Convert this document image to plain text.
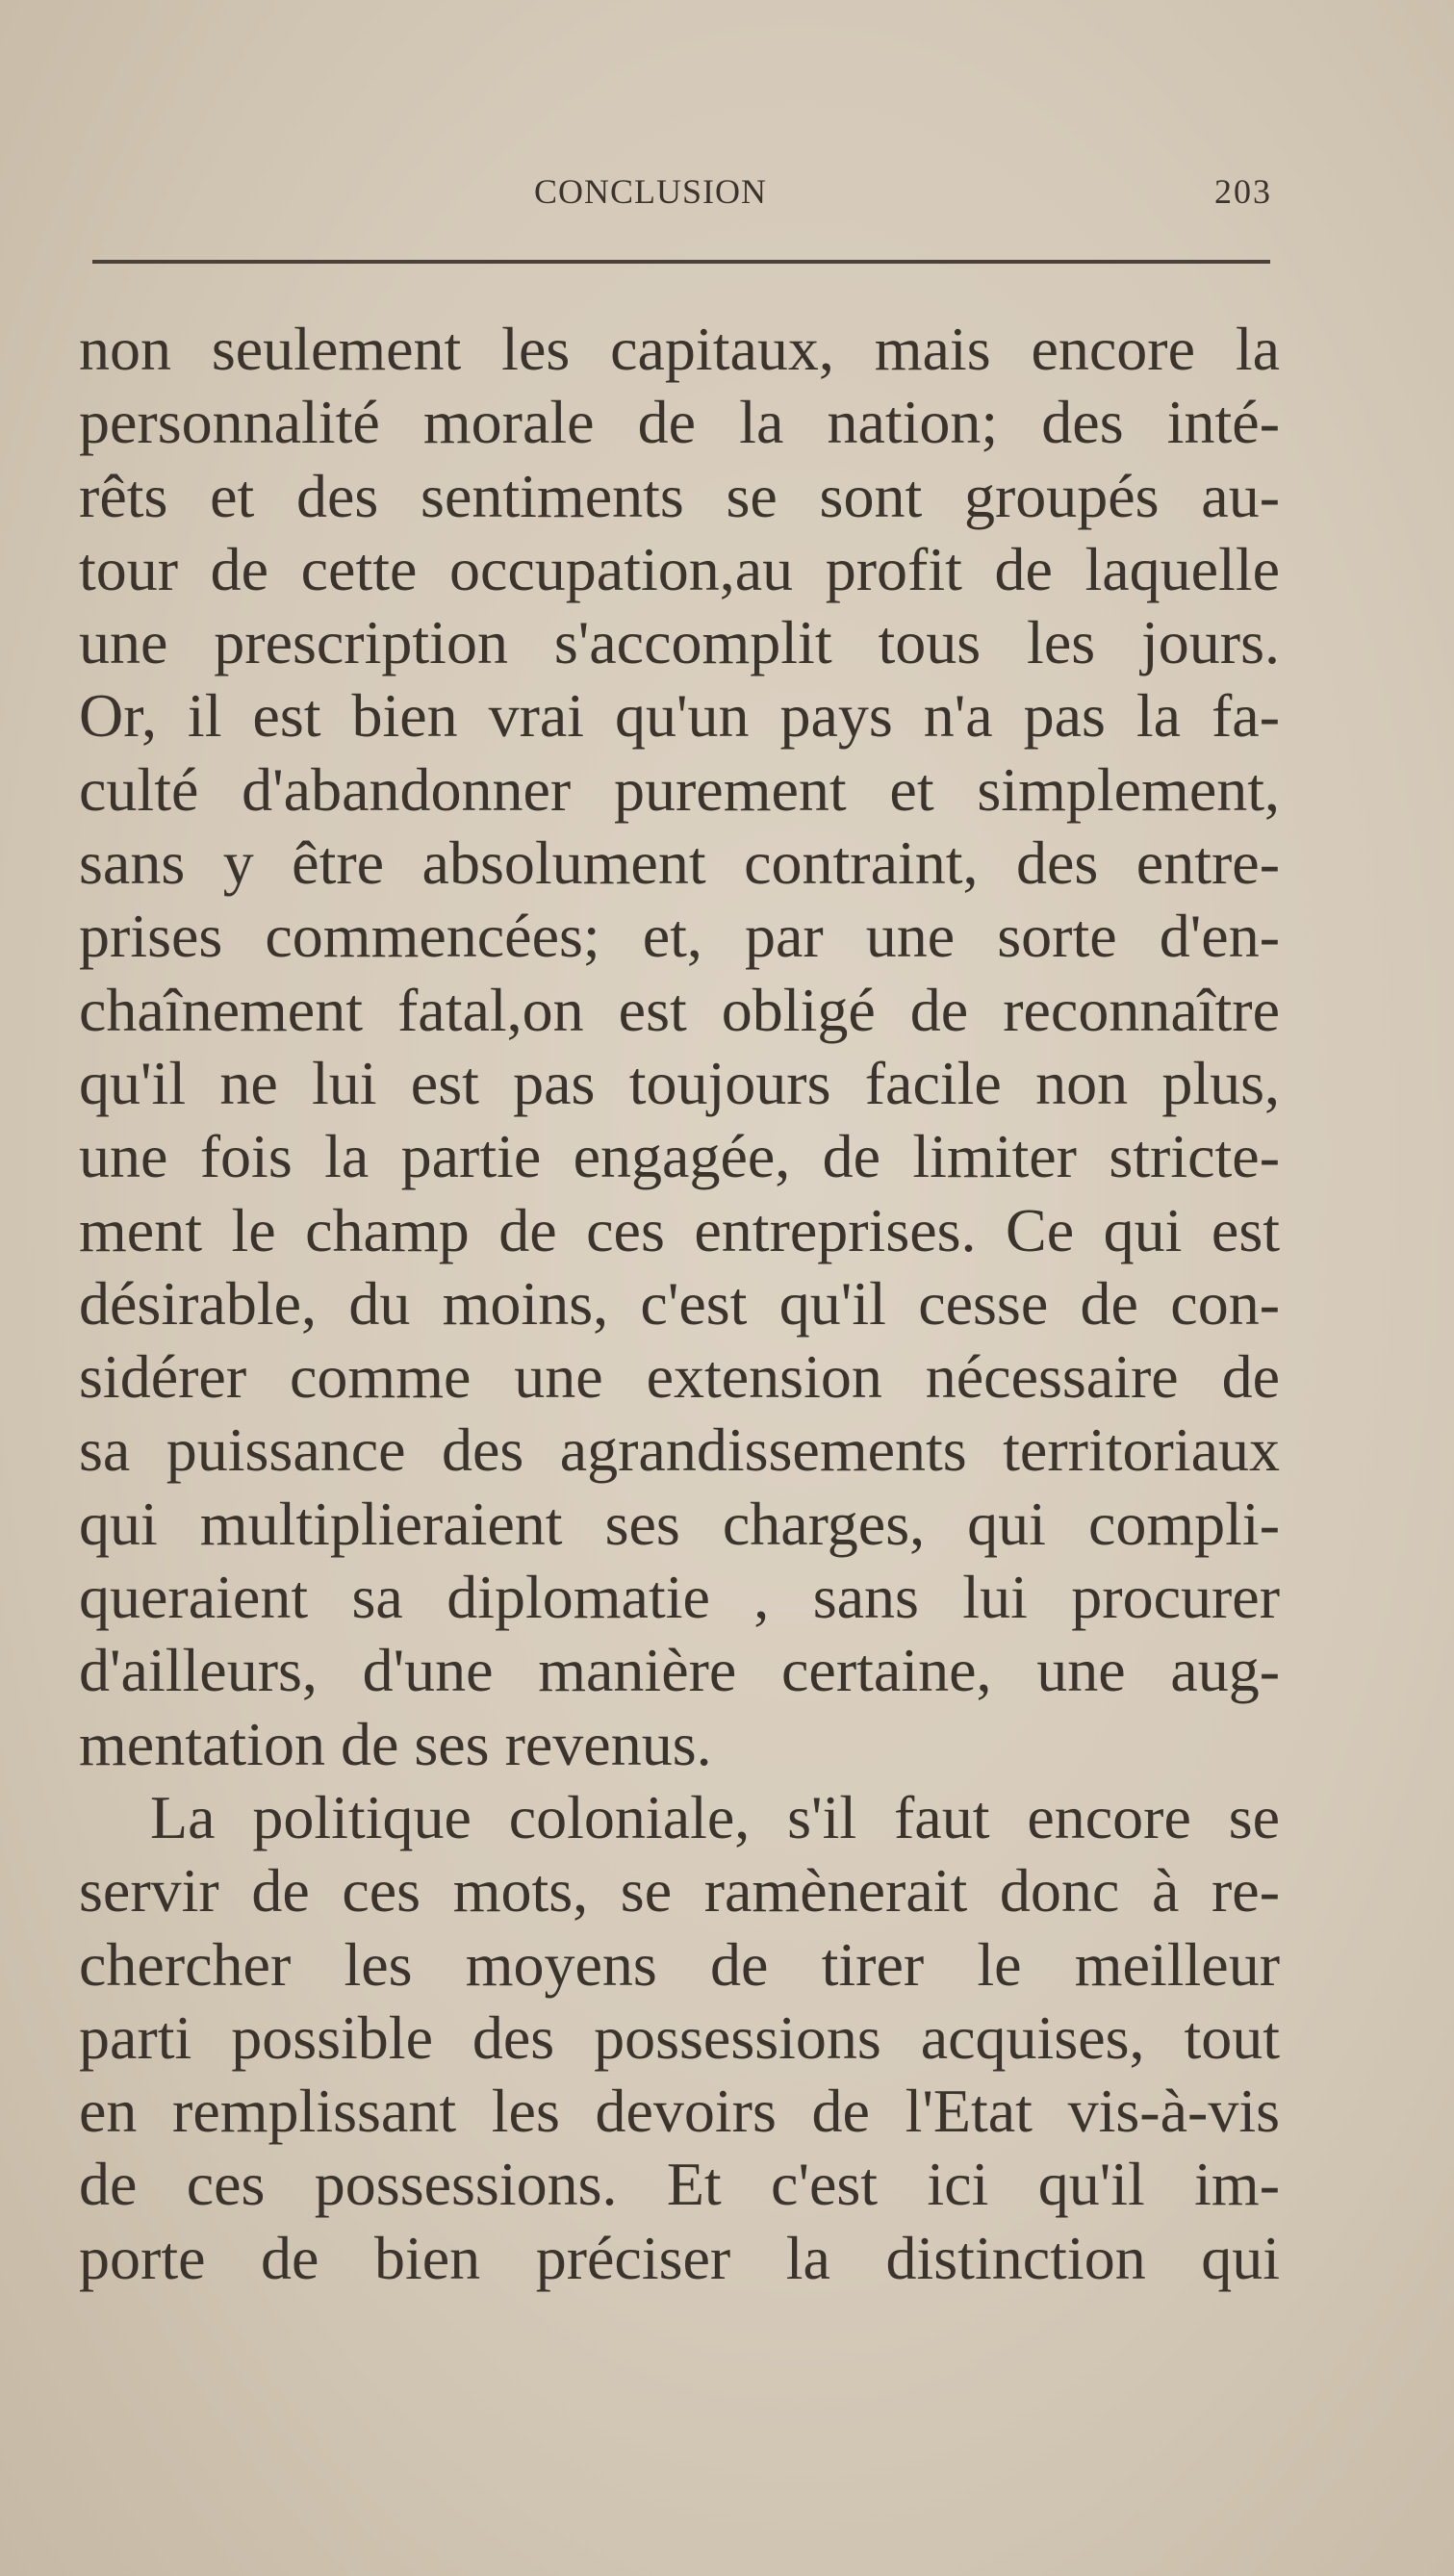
CONCLUSION	203
non seulement les capitaux, mais encore la
personnalité morale de la nation; des inté-
rêts et des sentiments se sont groupés au-
tour de cette occupation,au profit de laquelle
une prescription s'accomplit tous les jours.
Or, il est bien vrai qu'un pays n'a pas la fa-
culté d'abandonner purement et simplement,
sans y être absolument contraint, des entre-
prises commencées; et, par une sorte d'en-
chaînement fatal,on est obligé de reconnaître
qu'il ne lui est pas toujours facile non plus,
une fois la partie engagée, de limiter stricte-
ment le champ de ces entreprises. Ce qui est
désirable, du moins, c'est qu'il cesse de con-
sidérer comme une extension nécessaire de
sa puissance des agrandissements territoriaux
qui multiplieraient ses charges, qui compli-
queraient sa diplomatie , sans lui procurer
d'ailleurs, d'une manière certaine, une aug-
mentation de ses revenus.
La politique coloniale, s'il faut encore se
servir de ces mots, se ramènerait donc à re-
chercher les moyens de tirer le meilleur
parti possible des possessions acquises, tout
en remplissant les devoirs de l'Etat vis-à-vis
de ces possessions. Et c'est ici qu'il im-
porte de bien préciser la distinction qui
